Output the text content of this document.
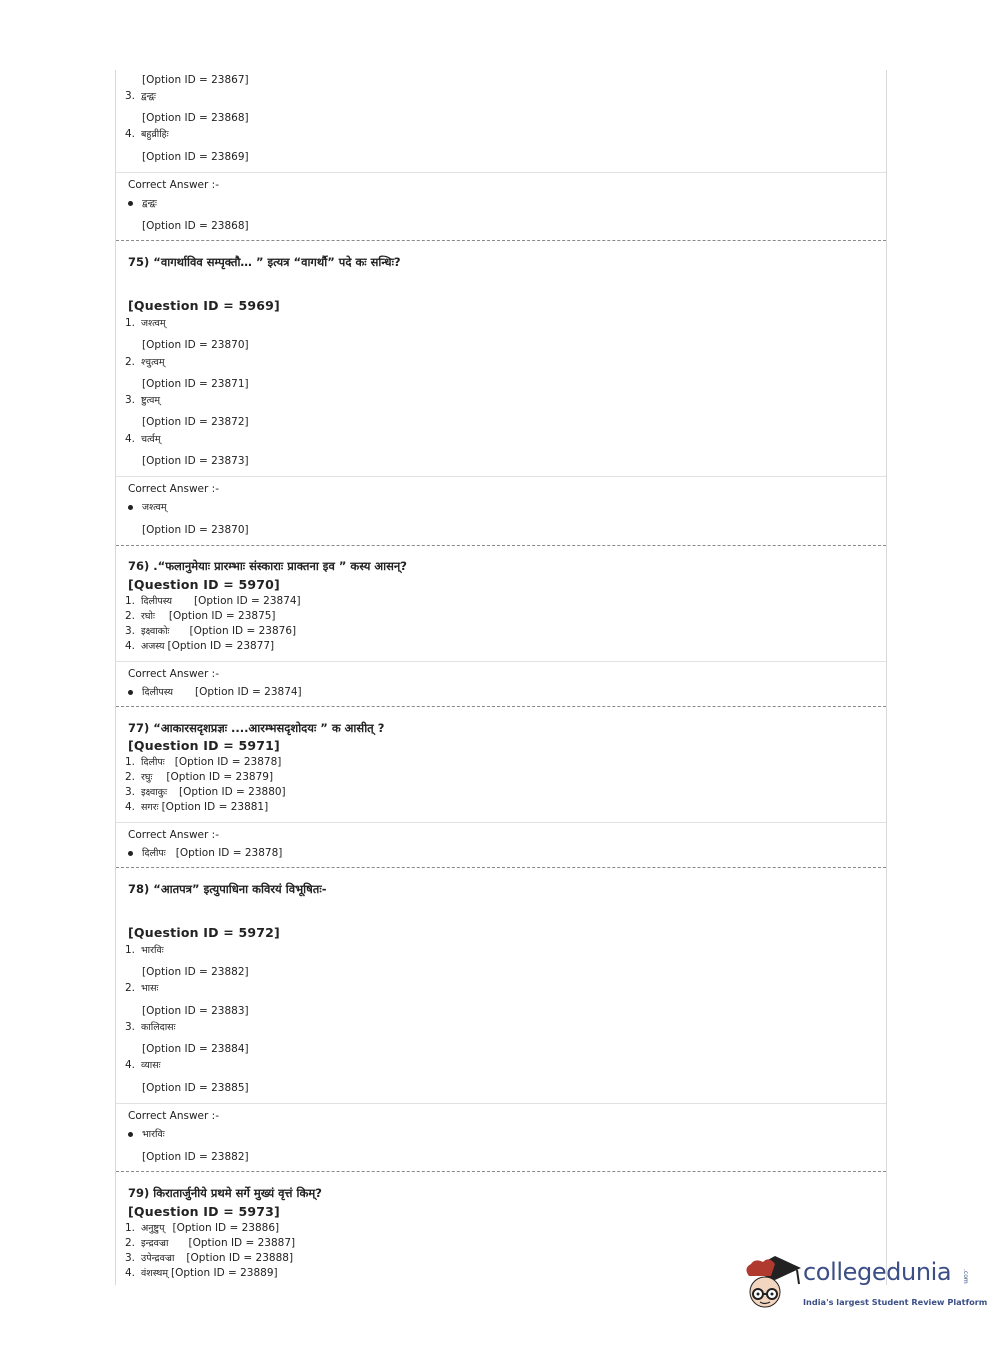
[Option ID = 23867]
3. द्वन्द्वः
[Option ID = 23868]
4. बहुव्रीहिः
[Option ID = 23869]
Correct Answer :-
द्वन्द्वः
[Option ID = 23868]
75) “वागर्थाविव सम्पृक्तौ… ” इत्यत्र “वागर्थौ” पदे कः सन्धिः?
[Question ID = 5969]
1. जश्त्वम्
[Option ID = 23870]
2. श्चुत्वम्
[Option ID = 23871]
3. ष्टुत्वम्
[Option ID = 23872]
4. चर्त्वम्
[Option ID = 23873]
Correct Answer :-
जश्त्वम्
[Option ID = 23870]
76) .“फलानुमेयाः प्रारम्भाः संस्काराः प्राक्तना इव ” कस्य आसन्?
[Question ID = 5970]
1. दिलीपस्य [Option ID = 23874]
2. रघोः [Option ID = 23875]
3. इक्ष्वाकोः [Option ID = 23876]
4. अजस्य [Option ID = 23877]
Correct Answer :-
दिलीपस्य [Option ID = 23874]
77) “आकारसदृशप्रज्ञः ....आरम्भसदृशोदयः ” क आसीत् ?
[Question ID = 5971]
1. दिलीपः [Option ID = 23878]
2. रघुः [Option ID = 23879]
3. इक्ष्वाकुः [Option ID = 23880]
4. सगरः [Option ID = 23881]
Correct Answer :-
दिलीपः [Option ID = 23878]
78) “आतपत्र” इत्युपाधिना कविरयं विभूषितः-
[Question ID = 5972]
1. भारविः
[Option ID = 23882]
2. भासः
[Option ID = 23883]
3. कालिदासः
[Option ID = 23884]
4. व्यासः
[Option ID = 23885]
Correct Answer :-
भारविः
[Option ID = 23882]
79) किरातार्जुनीये प्रथमे सर्गे मुख्यं वृत्तं किम्?
[Question ID = 5973]
1. अनुष्टुप् [Option ID = 23886]
2. इन्द्रवज्रा [Option ID = 23887]
3. उपेन्द्रवज्रा [Option ID = 23888]
4. वंशस्थम् [Option ID = 23889]	collegedunia .com
India's largest Student Review Platform
